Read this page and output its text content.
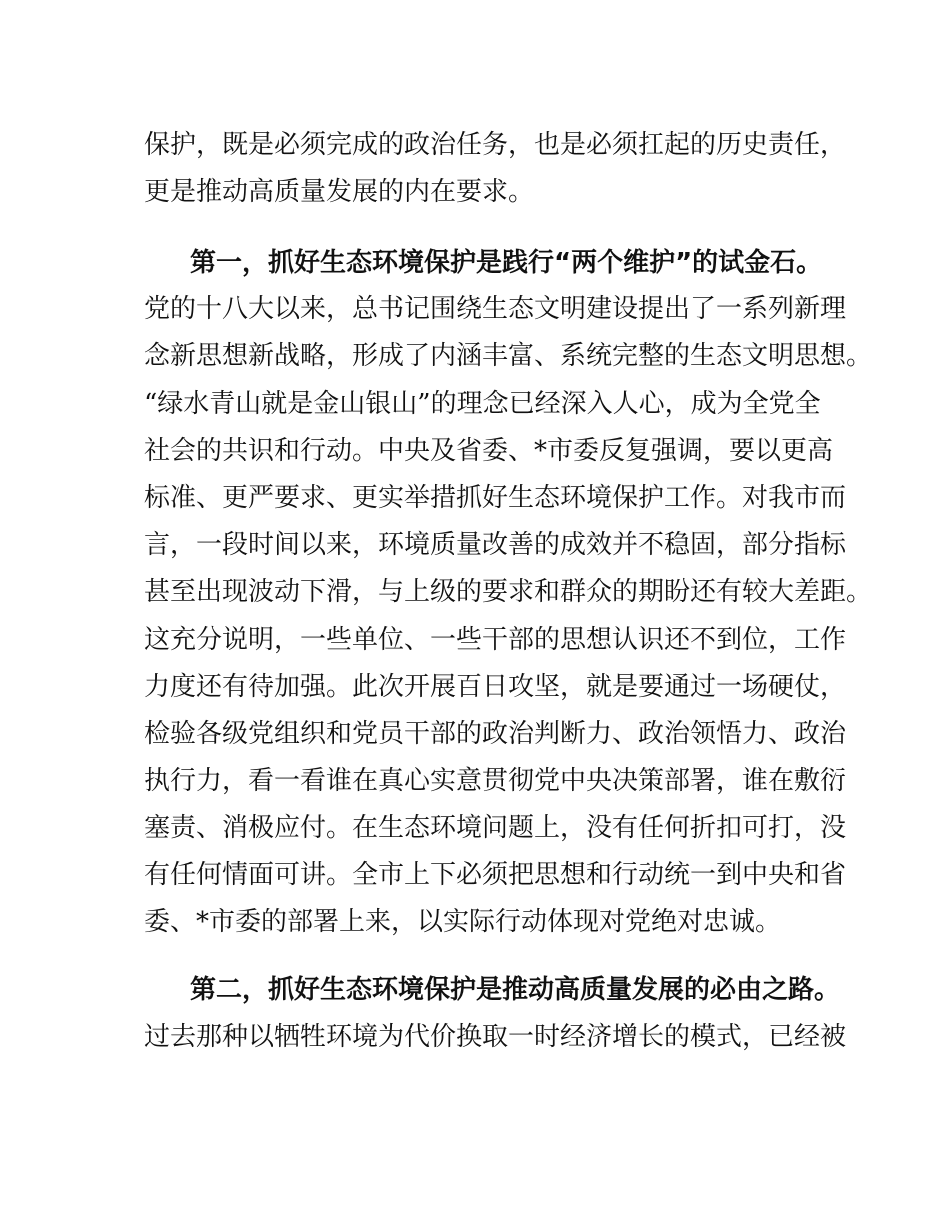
保护，既是必须完成的政治任务，也是必须扛起的历史责任，
更是推动高质量发展的内在要求。
第一，抓好生态环境保护是践行“两个维护”的试金石。
党的十八大以来，总书记围绕生态文明建设提出了一系列新理
念新思想新战略，形成了内涵丰富、系统完整的生态文明思想。
“绿水青山就是金山银山”的理念已经深入人心，成为全党全
社会的共识和行动。中央及省委、*市委反复强调，要以更高
标准、更严要求、更实举措抓好生态环境保护工作。对我市而
言，一段时间以来，环境质量改善的成效并不稳固，部分指标
甚至出现波动下滑，与上级的要求和群众的期盼还有较大差距。
这充分说明，一些单位、一些干部的思想认识还不到位，工作
力度还有待加强。此次开展百日攻坚，就是要通过一场硬仗，
检验各级党组织和党员干部的政治判断力、政治领悟力、政治
执行力，看一看谁在真心实意贯彻党中央决策部署，谁在敷衍
塞责、消极应付。在生态环境问题上，没有任何折扣可打，没
有任何情面可讲。全市上下必须把思想和行动统一到中央和省
委、*市委的部署上来，以实际行动体现对党绝对忠诚。
第二，抓好生态环境保护是推动高质量发展的必由之路。
过去那种以牺牲环境为代价换取一时经济增长的模式，已经被
